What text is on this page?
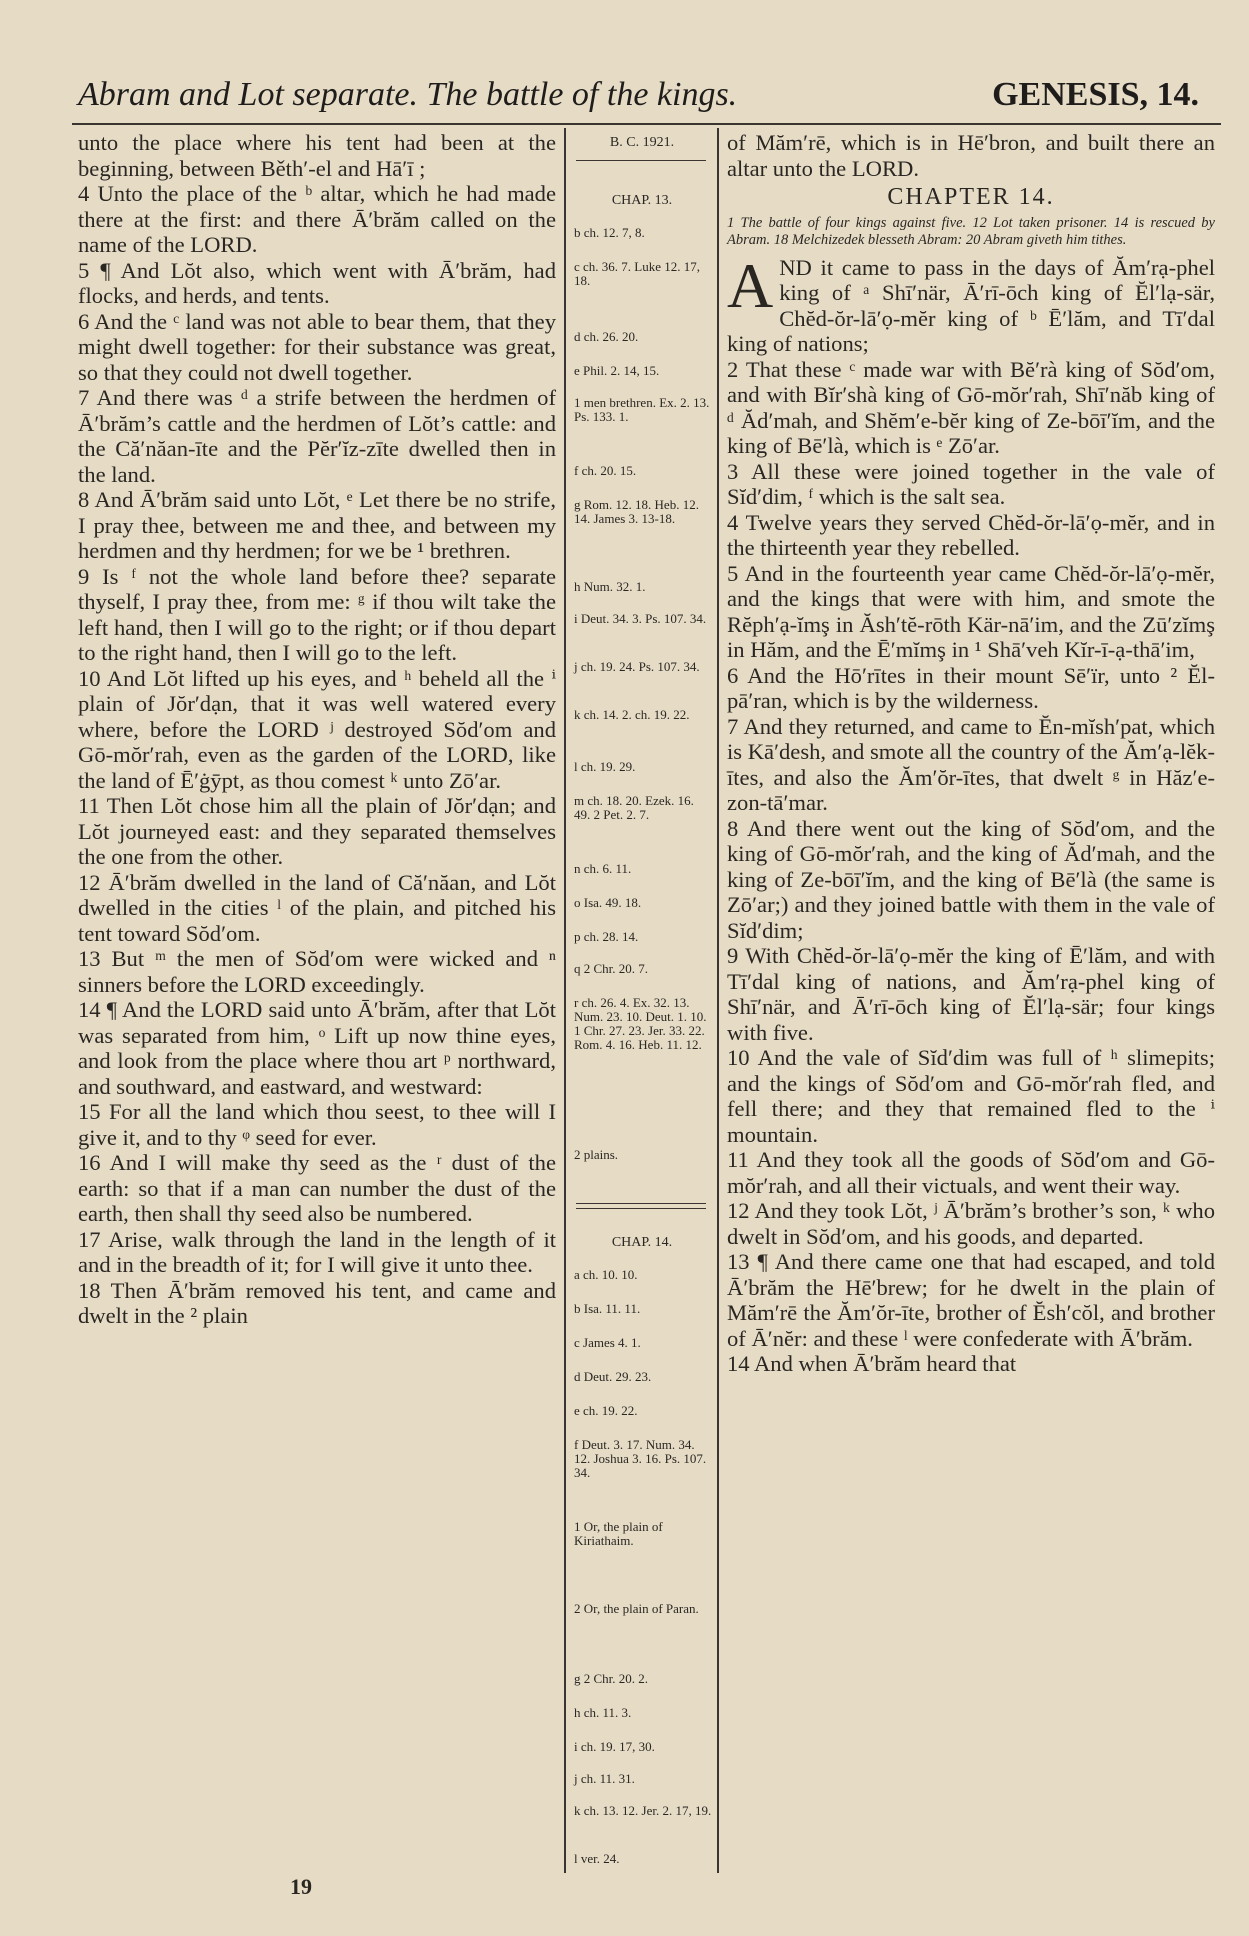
Abram and Lot separate. The battle of the kings.	GENESIS, 14.

unto the place where his tent had been at the beginning, between Běth′-el and Hā′ī ;

4 Unto the place of the ᵇ altar, which he had made there at the first: and there Ā′brăm called on the name of the LORD.

5 ¶ And Lŏt also, which went with Ā′brăm, had flocks, and herds, and tents.

6 And the ᶜ land was not able to bear them, that they might dwell together: for their substance was great, so that they could not dwell together.

7 And there was ᵈ a strife between the herdmen of Ā′brăm’s cattle and the herdmen of Lŏt’s cattle: and the Că′năan-īte and the Pĕr′ĭz-zīte dwelled then in the land.

8 And Ā′brăm said unto Lŏt, ᵉ Let there be no strife, I pray thee, between me and thee, and between my herdmen and thy herdmen; for we be ¹ brethren.

9 Is ᶠ not the whole land before thee? separate thyself, I pray thee, from me: ᵍ if thou wilt take the left hand, then I will go to the right; or if thou depart to the right hand, then I will go to the left.

10 And Lŏt lifted up his eyes, and ʰ beheld all the ⁱ plain of Jŏr′dạn, that it was well watered every where, before the LORD ʲ destroyed Sŏd′om and Gō-mŏr′rah, even as the garden of the LORD, like the land of Ē′ġȳpt, as thou comest ᵏ unto Zō′ar.

11 Then Lŏt chose him all the plain of Jŏr′dạn; and Lŏt journeyed east: and they separated themselves the one from the other.

12 Ā′brăm dwelled in the land of Că′năan, and Lŏt dwelled in the cities ˡ of the plain, and pitched his tent toward Sŏd′om.

13 But ᵐ the men of Sŏd′om were wicked and ⁿ sinners before the LORD exceedingly.

14 ¶ And the LORD said unto Ā′brăm, after that Lŏt was separated from him, ᵒ Lift up now thine eyes, and look from the place where thou art ᵖ northward, and southward, and eastward, and westward:

15 For all the land which thou seest, to thee will I give it, and to thy ᵠ seed for ever.

16 And I will make thy seed as the ʳ dust of the earth: so that if a man can number the dust of the earth, then shall thy seed also be numbered.

17 Arise, walk through the land in the length of it and in the breadth of it; for I will give it unto thee.

18 Then Ā′brăm removed his tent, and came and dwelt in the ² plain

B. C. 1921.
CHAP. 13.
b ch. 12. 7, 8.
c ch. 36. 7. Luke 12. 17, 18.
d ch. 26. 20.
e Phil. 2. 14, 15.
1 men brethren. Ex. 2. 13. Ps. 133. 1.
f ch. 20. 15.
g Rom. 12. 18. Heb. 12. 14. James 3. 13-18.
h Num. 32. 1.
i Deut. 34. 3. Ps. 107. 34.
j ch. 19. 24. Ps. 107. 34.
k ch. 14. 2. ch. 19. 22.
l ch. 19. 29.
m ch. 18. 20. Ezek. 16. 49. 2 Pet. 2. 7.
n ch. 6. 11.
o Isa. 49. 18.
p ch. 28. 14.
q 2 Chr. 20. 7.
r ch. 26. 4. Ex. 32. 13. Num. 23. 10. Deut. 1. 10. 1 Chr. 27. 23. Jer. 33. 22. Rom. 4. 16. Heb. 11. 12.
2 plains.
CHAP. 14.
a ch. 10. 10.
b Isa. 11. 11.
c James 4. 1.
d Deut. 29. 23.
e ch. 19. 22.
f Deut. 3. 17. Num. 34. 12. Joshua 3. 16. Ps. 107. 34.
1 Or, the plain of Kiriathaim.
2 Or, the plain of Paran.
g 2 Chr. 20. 2.
h ch. 11. 3.
i ch. 19. 17, 30.
j ch. 11. 31.
k ch. 13. 12. Jer. 2. 17, 19.
l ver. 24.

of Măm′rē, which is in Hē′bron, and built there an altar unto the LORD.

CHAPTER 14.

1 The battle of four kings against five. 12 Lot taken prisoner. 14 is rescued by Abram. 18 Melchizedek blesseth Abram: 20 Abram giveth him tithes.

AND it came to pass in the days of Ăm′rạ-phel king of ᵃ Shī′när, Ā′rī-ōch king of Ĕl′lạ-sär, Chĕd-ŏr-lā′ọ-mĕr king of ᵇ Ē′lăm, and Tī′dal king of nations;

2 That these ᶜ made war with Bĕ′rà king of Sŏd′om, and with Bĭr′shà king of Gō-mŏr′rah, Shī′năb king of ᵈ Ăd′mah, and Shĕm′e-bĕr king of Ze-bōī′ĭm, and the king of Bē′là, which is ᵉ Zō′ar.

3 All these were joined together in the vale of Sĭd′dim, ᶠ which is the salt sea.

4 Twelve years they served Chĕd-ŏr-lā′ọ-mĕr, and in the thirteenth year they rebelled.

5 And in the fourteenth year came Chĕd-ŏr-lā′ọ-mĕr, and the kings that were with him, and smote the Rĕph′ạ-ĭmş in Ăsh′tĕ-rōth Kär-nā′im, and the Zū′zĭmş in Hăm, and the Ē′mĭmş in ¹ Shā′veh Kĭr-ī-ạ-thā′im,

6 And the Hō′rītes in their mount Sē′ïr, unto ² Ĕl-pā′ran, which is by the wilderness.

7 And they returned, and came to Ĕn-mĭsh′pat, which is Kā′desh, and smote all the country of the Ăm′ạ-lĕk-ītes, and also the Ăm′ŏr-ītes, that dwelt ᵍ in Hăz′e-zon-tā′mar.

8 And there went out the king of Sŏd′om, and the king of Gō-mŏr′rah, and the king of Ăd′mah, and the king of Ze-bōī′ĭm, and the king of Bē′là (the same is Zō′ar;) and they joined battle with them in the vale of Sĭd′dim;

9 With Chĕd-ŏr-lā′ọ-mĕr the king of Ē′lăm, and with Tī′dal king of nations, and Ăm′rạ-phel king of Shī′när, and Ā′rī-ōch king of Ĕl′lạ-sär; four kings with five.

10 And the vale of Sĭd′dim was full of ʰ slimepits; and the kings of Sŏd′om and Gō-mŏr′rah fled, and fell there; and they that remained fled to the ⁱ mountain.

11 And they took all the goods of Sŏd′om and Gō-mŏr′rah, and all their victuals, and went their way.

12 And they took Lŏt, ʲ Ā′brăm’s brother’s son, ᵏ who dwelt in Sŏd′om, and his goods, and departed.

13 ¶ And there came one that had escaped, and told Ā′brăm the Hē′brew; for he dwelt in the plain of Măm′rē the Ăm′ŏr-īte, brother of Ĕsh′cŏl, and brother of Ā′nĕr: and these ˡ were confederate with Ā′brăm.

14 And when Ā′brăm heard that

19
